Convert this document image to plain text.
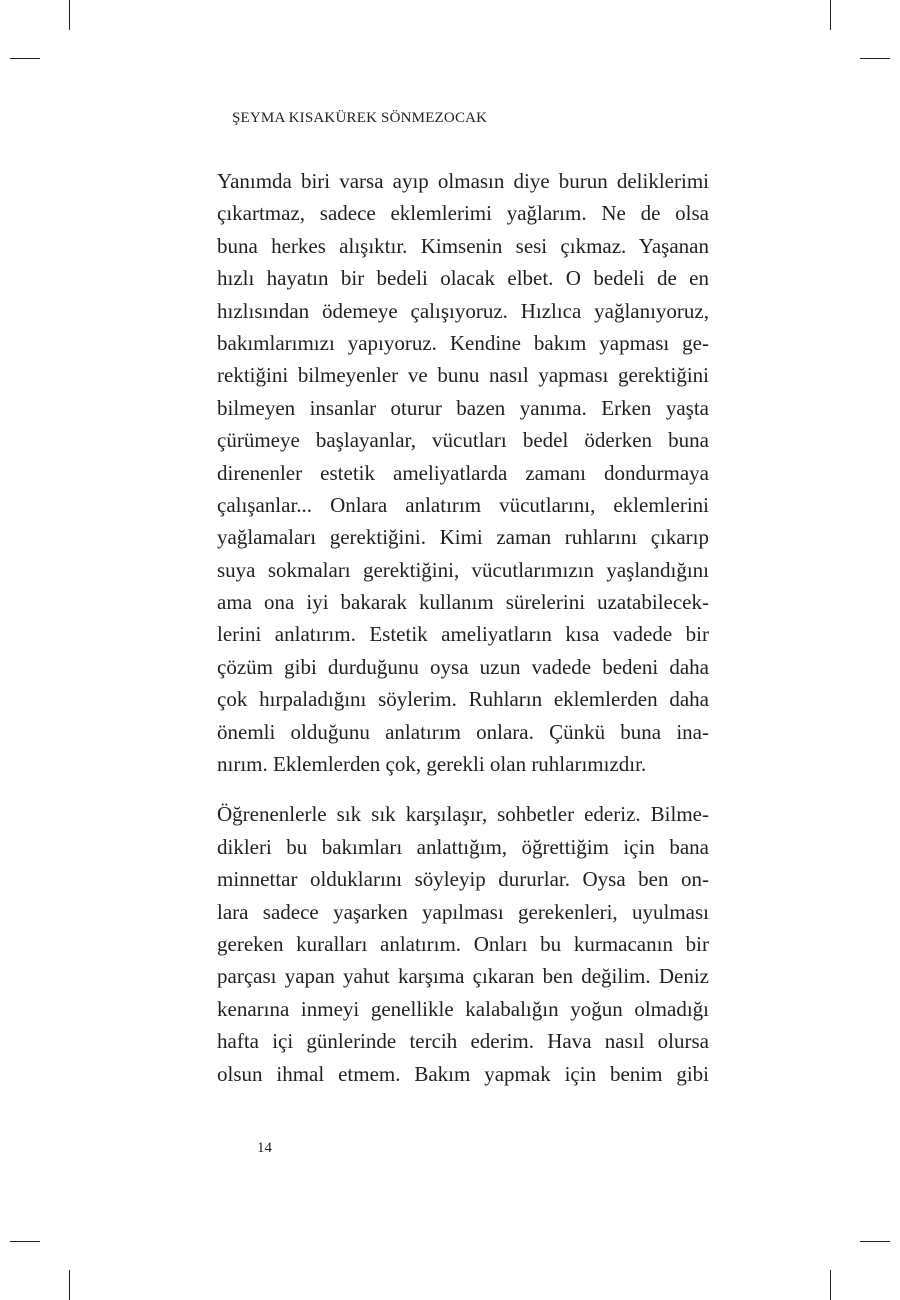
ŞEYMA KISAKÜREK SÖNMEZOCAK

Yanımda biri varsa ayıp olmasın diye burun deliklerimi
çıkartmaz, sadece eklemlerimi yağlarım. Ne de olsa
buna herkes alışıktır. Kimsenin sesi çıkmaz. Yaşanan
hızlı hayatın bir bedeli olacak elbet. O bedeli de en
hızlısından ödemeye çalışıyoruz. Hızlıca yağlanıyoruz,
bakımlarımızı yapıyoruz. Kendine bakım yapması ge-
rektiğini bilmeyenler ve bunu nasıl yapması gerektiğini
bilmeyen insanlar oturur bazen yanıma. Erken yaşta
çürümeye başlayanlar, vücutları bedel öderken buna
direnenler estetik ameliyatlarda zamanı dondurmaya
çalışanlar... Onlara anlatırım vücutlarını, eklemlerini
yağlamaları gerektiğini. Kimi zaman ruhlarını çıkarıp
suya sokmaları gerektiğini, vücutlarımızın yaşlandığını
ama ona iyi bakarak kullanım sürelerini uzatabilecek-
lerini anlatırım. Estetik ameliyatların kısa vadede bir
çözüm gibi durduğunu oysa uzun vadede bedeni daha
çok hırpaladığını söylerim. Ruhların eklemlerden daha
önemli olduğunu anlatırım onlara. Çünkü buna ina-
nırım. Eklemlerden çok, gerekli olan ruhlarımızdır.

Öğrenenlerle sık sık karşılaşır, sohbetler ederiz. Bilme-
dikleri bu bakımları anlattığım, öğrettiğim için bana
minnettar olduklarını söyleyip dururlar. Oysa ben on-
lara sadece yaşarken yapılması gerekenleri, uyulması
gereken kuralları anlatırım. Onları bu kurmacanın bir
parçası yapan yahut karşıma çıkaran ben değilim. Deniz
kenarına inmeyi genellikle kalabalığın yoğun olmadığı
hafta içi günlerinde tercih ederim. Hava nasıl olursa
olsun ihmal etmem. Bakım yapmak için benim gibi

14
